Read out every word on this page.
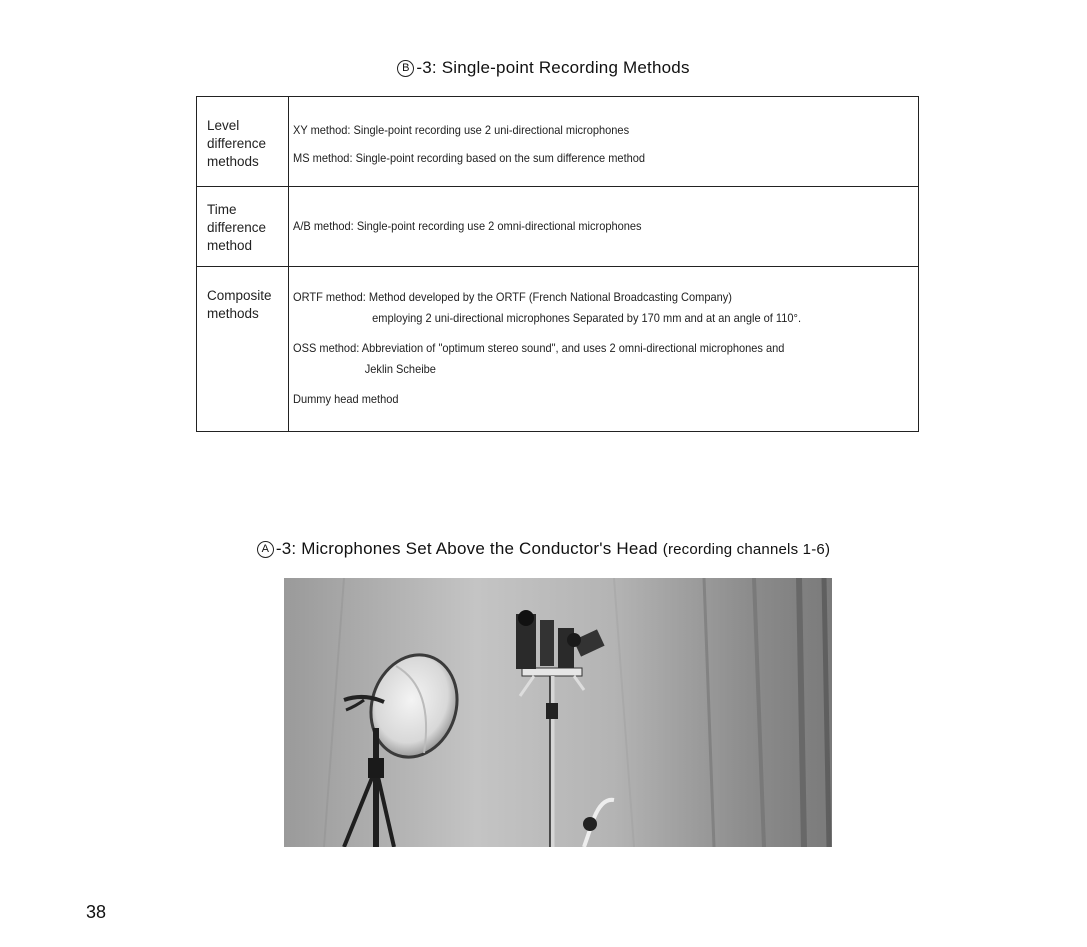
B -3: Single-point Recording Methods
Level difference methods	XY method: Single-point recording use 2 uni-directional microphones
MS method: Single-point recording based on the sum difference method

Time difference method	A/B method: Single-point recording use 2 omni-directional microphones

Composite methods	ORTF method: Method developed by the ORTF (French National Broadcasting Company)
employing 2 uni-directional microphones Separated by 170 mm and at an angle of 110°.
OSS method: Abbreviation of "optimum stereo sound", and uses 2 omni-directional microphones and
Jeklin Scheibe
Dummy head method
A -3: Microphones Set Above the Conductor's Head (recording channels 1-6)
38
